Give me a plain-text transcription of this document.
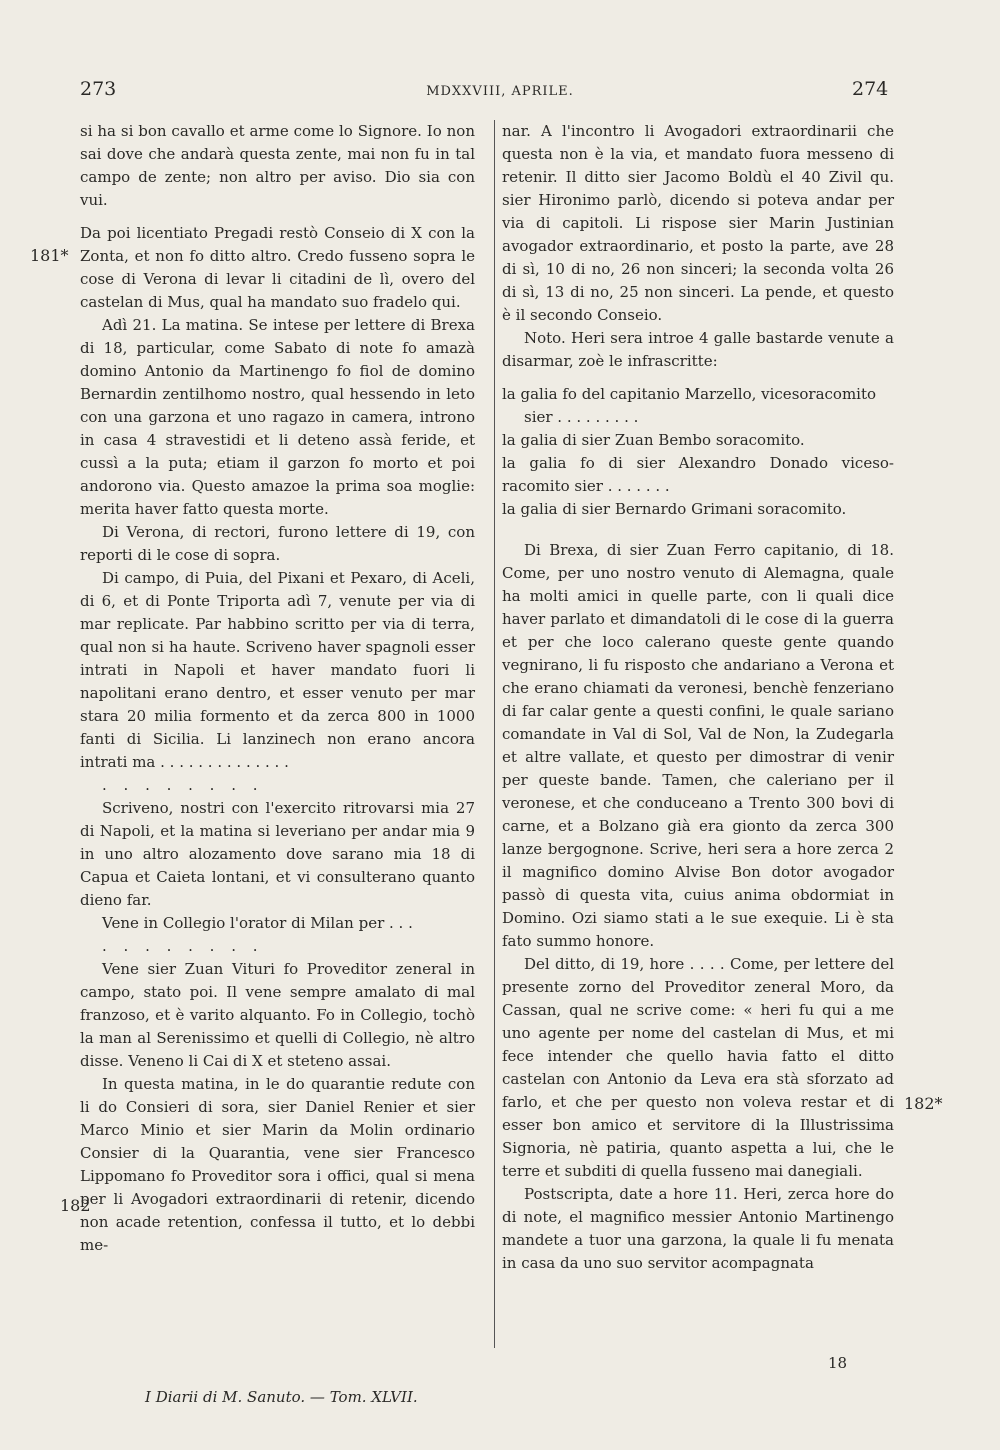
273	MDXXVIII, APRILE.	274
181*
182
182*

si ha si bon cavallo et arme come lo Signore. Io non sai dove che andarà questa zente, mai non fu in tal campo de zente; non altro per aviso. Dio sia con vui.

Da poi licentiato Pregadi restò Conseio di X con la Zonta, et non fo ditto altro. Credo fusseno sopra le cose di Verona di levar li citadini de lì, overo del castelan di Mus, qual ha mandato suo fradelo qui.

Adì 21. La matina. Se intese per lettere di Brexa di 18, particular, come Sabato di note fo amazà domino Antonio da Martinengo fo fiol de domino Bernardin zentilhomo nostro, qual hessendo in leto con una garzona et uno ragazo in camera, introno in casa 4 stravestidi et li deteno assà feride, et cussì a la puta; etiam il garzon fo morto et poi andorono via. Questo amazoe la prima soa moglie: merita haver fatto questa morte.

Di Verona, di rectori, furono lettere di 19, con reporti di le cose di sopra.

Di campo, di Puia, del Pixani et Pexaro, di Aceli, di 6, et di Ponte Triporta adì 7, venute per via di mar replicate. Par habbino scritto per via di terra, qual non si ha haute. Scriveno haver spagnoli esser intrati in Napoli et haver mandato fuori li napolitani erano dentro, et esser venuto per mar stara 20 milia formento et da zerca 800 in 1000 fanti di Sicilia. Li lanzinech non erano ancora intrati ma . . . . . . . . . . . . . .

. . . . . . . .

Scriveno, nostri con l'exercito ritrovarsi mia 27 di Napoli, et la matina si leveriano per andar mia 9 in uno altro alozamento dove sarano mia 18 di Capua et Caieta lontani, et vi consulterano quanto dieno far.

Vene in Collegio l'orator di Milan per . . .

. . . . . . . .

Vene sier Zuan Vituri fo Proveditor zeneral in campo, stato poi. Il vene sempre amalato di mal franzoso, et è varito alquanto. Fo in Collegio, tochò la man al Serenissimo et quelli di Collegio, nè altro disse. Veneno li Cai di X et steteno assai.

In questa matina, in le do quarantie redute con li do Consieri di sora, sier Daniel Renier et sier Marco Minio et sier Marin da Molin ordinario Consier di la Quarantia, vene sier Francesco Lippomano fo Proveditor sora i offici, qual si mena per li Avogadori extraordinarii di retenir, dicendo non acade retention, confessa il tutto, et lo debbi me-

nar. A l'incontro li Avogadori extraordinarii che questa non è la via, et mandato fuora messeno di retenir. Il ditto sier Jacomo Boldù el 40 Zivil qu. sier Hironimo parlò, dicendo si poteva andar per via di capitoli. Li rispose sier Marin Justinian avogador extraordinario, et posto la parte, ave 28 di sì, 10 di no, 26 non sinceri; la seconda volta 26 di sì, 13 di no, 25 non sinceri. La pende, et questo è il secondo Conseio.

Noto. Heri sera introe 4 galle bastarde venute a disarmar, zoè le infrascritte:

la galia fo del capitanio Marzello, vicesoracomito

sier . . . . . . . . .

la galia di sier Zuan Bembo soracomito.

la galia fo di sier Alexandro Donado vicesoracomito sier . . . . . . .

la galia di sier Bernardo Grimani soracomito.

Di Brexa, di sier Zuan Ferro capitanio, di 18. Come, per uno nostro venuto di Alemagna, quale ha molti amici in quelle parte, con li quali dice haver parlato et dimandatoli di le cose di la guerra et per che loco calerano queste gente quando vegnirano, li fu risposto che andariano a Verona et che erano chiamati da veronesi, benchè fenzeriano di far calar gente a questi confini, le quale sariano comandate in Val di Sol, Val de Non, la Zudegarla et altre vallate, et questo per dimostrar di venir per queste bande. Tamen, che caleriano per il veronese, et che conduceano a Trento 300 bovi di carne, et a Bolzano già era gionto da zerca 300 lanze bergognone. Scrive, heri sera a hore zerca 2 il magnifico domino Alvise Bon dotor avogador passò di questa vita, cuius anima obdormiat in Domino. Ozi siamo stati a le sue exequie. Li è sta fato summo honore.

Del ditto, di 19, hore . . . . Come, per lettere del presente zorno del Proveditor zeneral Moro, da Cassan, qual ne scrive come: « heri fu qui a me uno agente per nome del castelan di Mus, et mi fece intender che quello havia fatto el ditto castelan con Antonio da Leva era stà sforzato ad farlo, et che per questo non voleva restar et di esser bon amico et servitore di la Illustrissima Signoria, nè patiria, quanto aspetta a lui, che le terre et subditi di quella fusseno mai danegiali.

Postscripta, date a hore 11. Heri, zerca hore do di note, el magnifico messier Antonio Martinengo mandete a tuor una garzona, la quale li fu menata in casa da uno suo servitor acompagnata

18
I Diarii di M. Sanuto. — Tom. XLVII.
